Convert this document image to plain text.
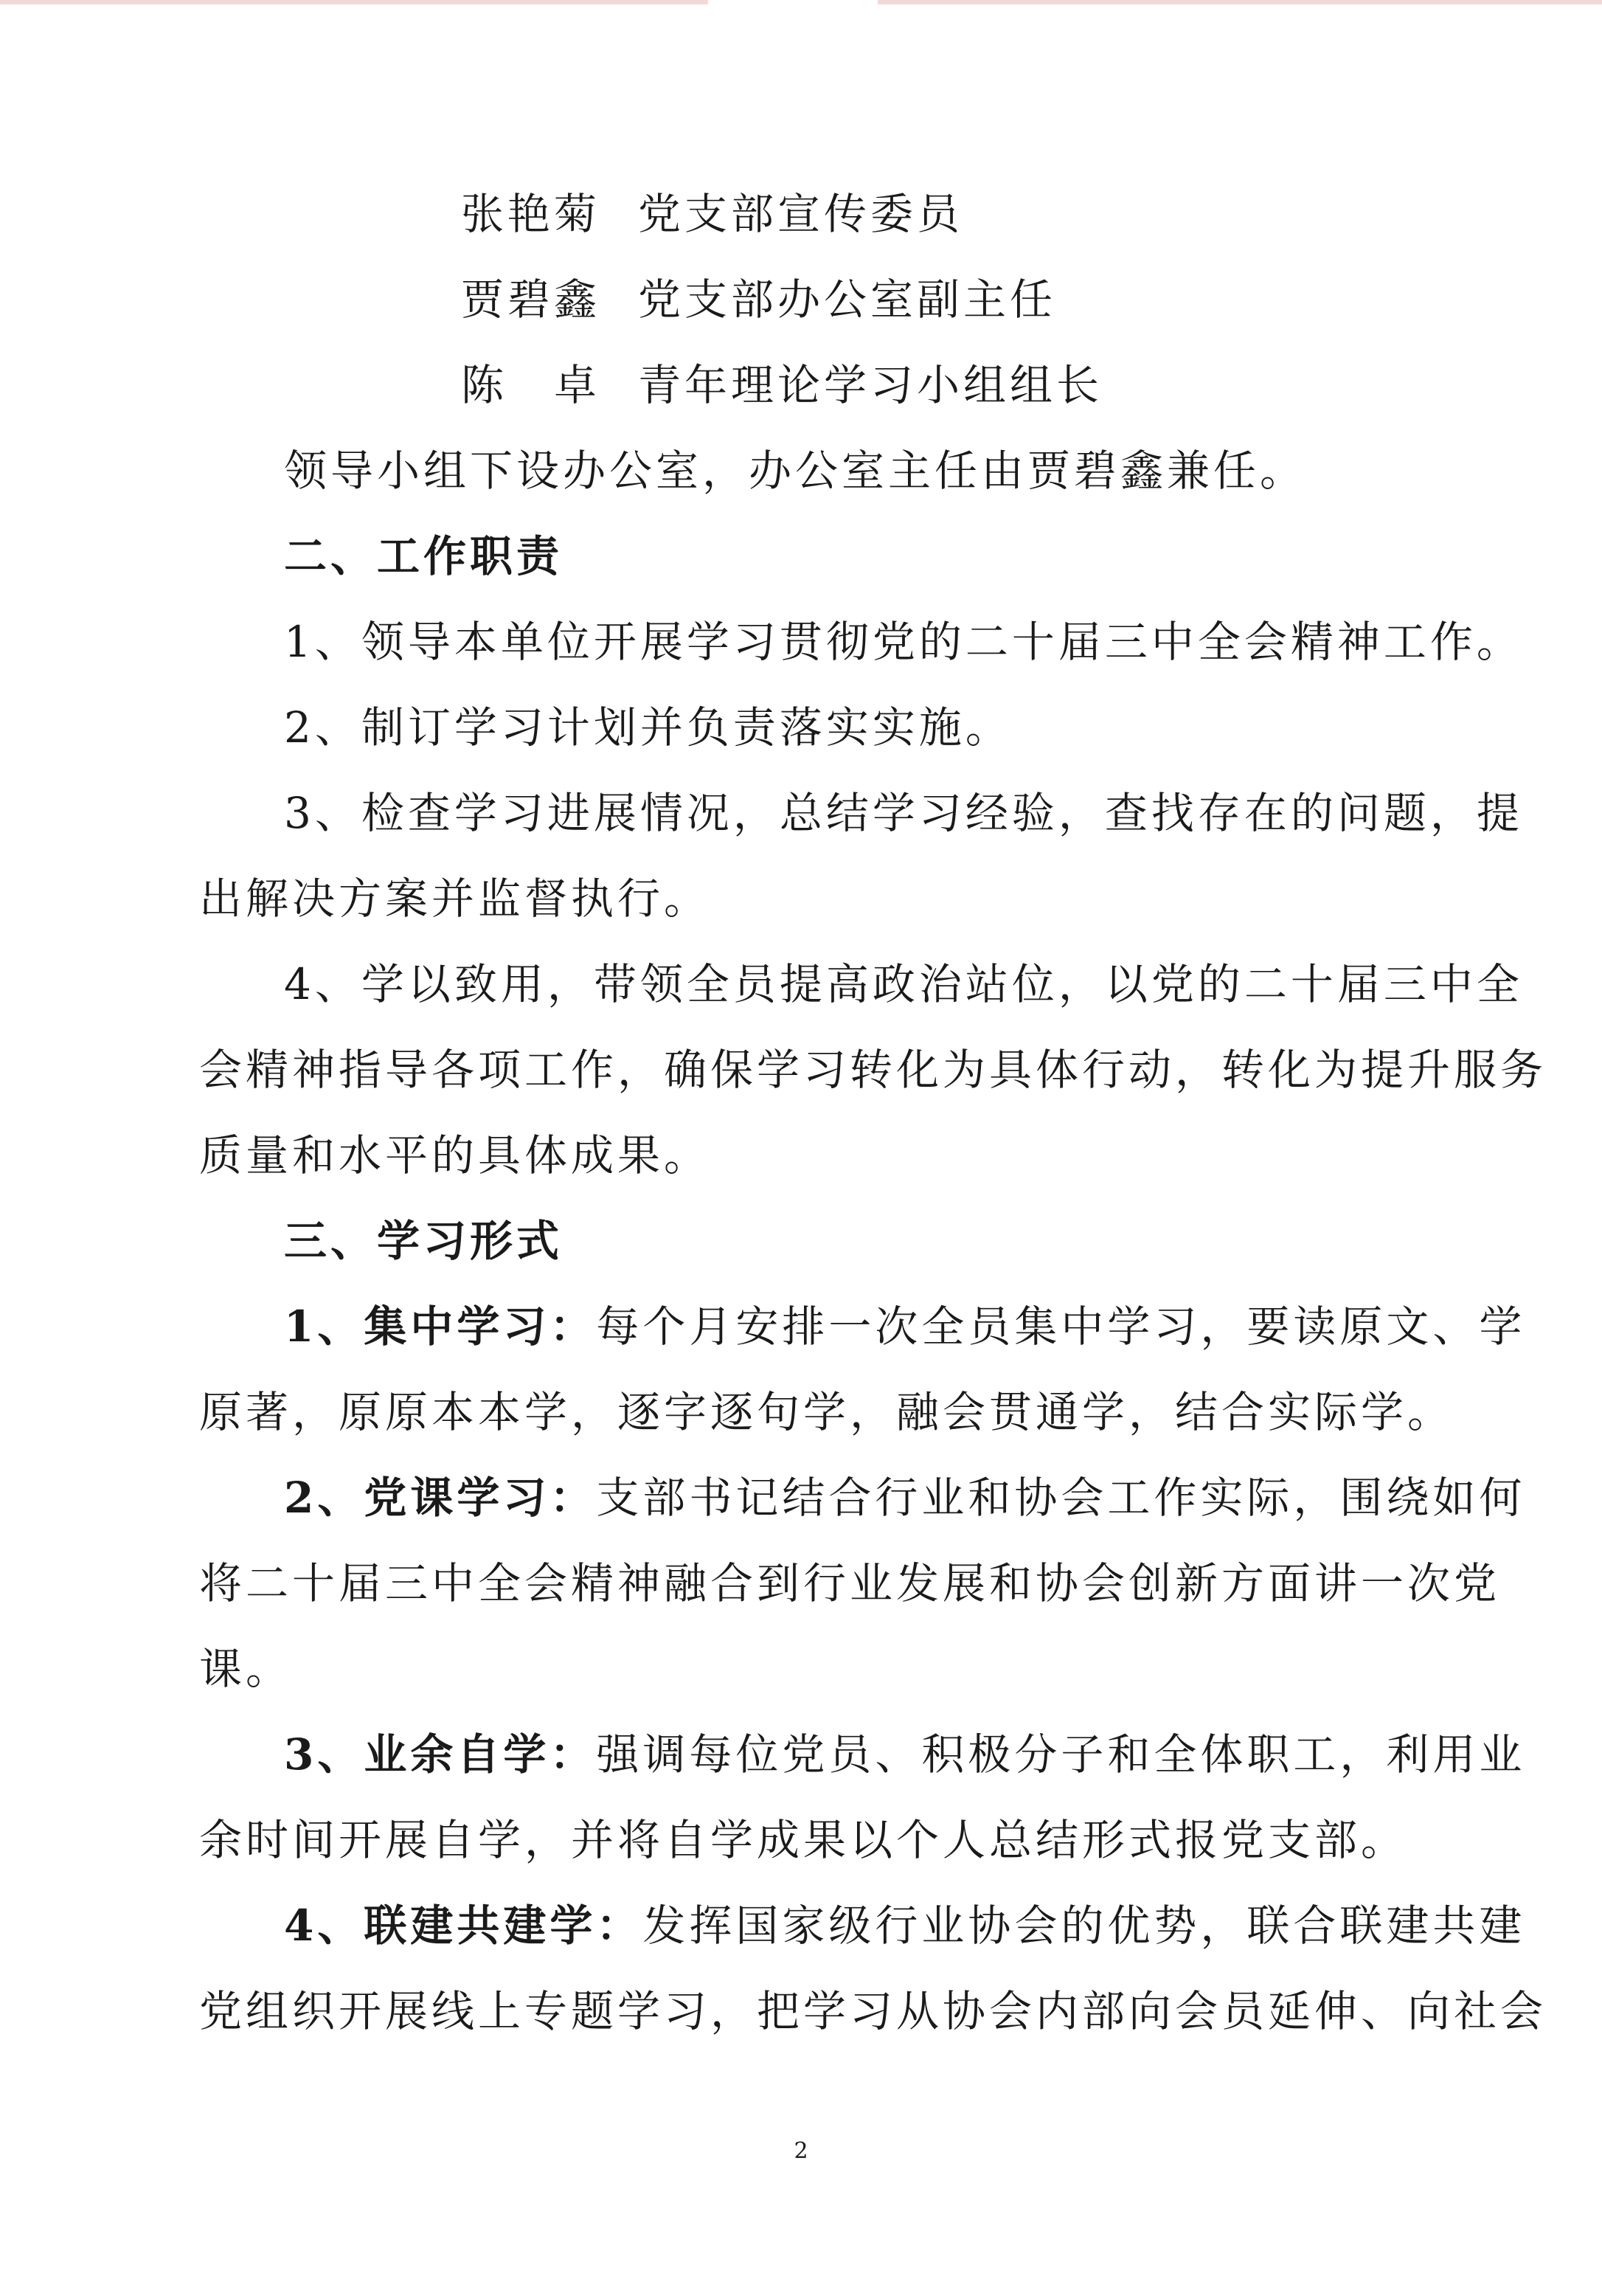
张艳菊 党支部宣传委员
贾碧鑫 党支部办公室副主任
陈　卓 青年理论学习小组组长
领导小组下设办公室，办公室主任由贾碧鑫兼任。
二、工作职责
1、领导本单位开展学习贯彻党的二十届三中全会精神工作。
2、制订学习计划并负责落实实施。
3、检查学习进展情况，总结学习经验，查找存在的问题，提
出解决方案并监督执行。
4、学以致用，带领全员提高政治站位，以党的二十届三中全
会精神指导各项工作，确保学习转化为具体行动，转化为提升服务
质量和水平的具体成果。
三、学习形式
1、集中学习：每个月安排一次全员集中学习，要读原文、学
原著，原原本本学，逐字逐句学，融会贯通学，结合实际学。
2、党课学习：支部书记结合行业和协会工作实际，围绕如何
将二十届三中全会精神融合到行业发展和协会创新方面讲一次党
课。
3、业余自学：强调每位党员、积极分子和全体职工，利用业
余时间开展自学，并将自学成果以个人总结形式报党支部。
4、联建共建学：发挥国家级行业协会的优势，联合联建共建
党组织开展线上专题学习，把学习从协会内部向会员延伸、向社会
2
